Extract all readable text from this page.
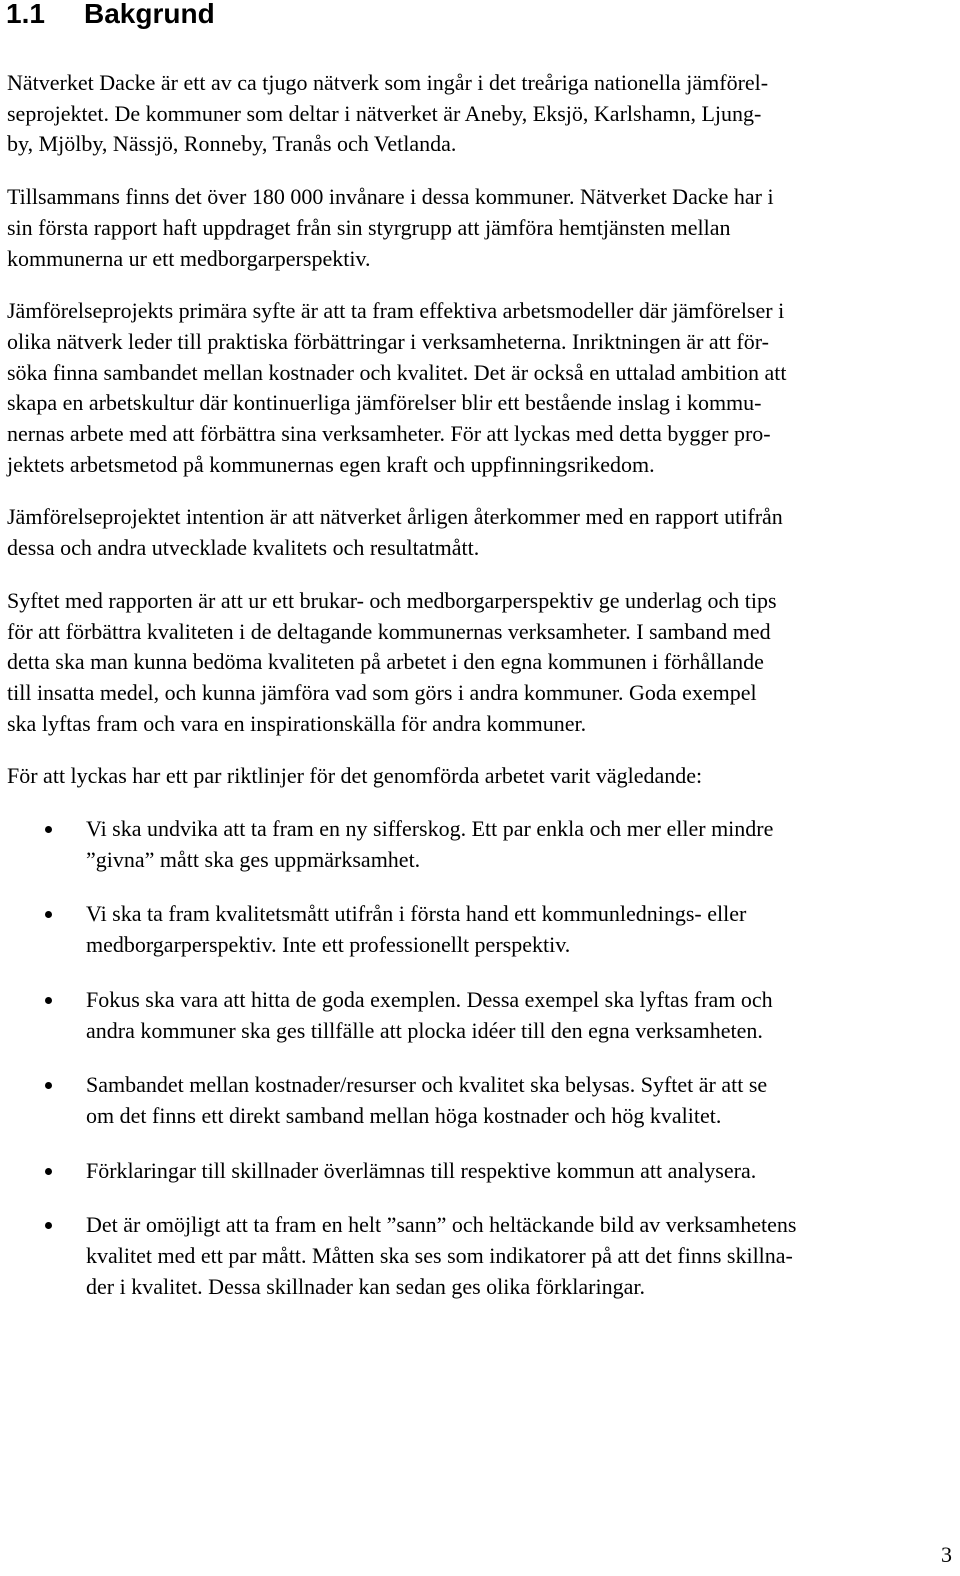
1.1 Bakgrund

Nätverket Dacke är ett av ca tjugo nätverk som ingår i det treåriga nationella jämförel-
seprojektet. De kommuner som deltar i nätverket är Aneby, Eksjö, Karlshamn, Ljung-
by, Mjölby, Nässjö, Ronneby, Tranås och Vetlanda.

Tillsammans finns det över 180 000 invånare i dessa kommuner. Nätverket Dacke har i
sin första rapport haft uppdraget från sin styrgrupp att jämföra hemtjänsten mellan
kommunerna ur ett medborgarperspektiv.

Jämförelseprojekts primära syfte är att ta fram effektiva arbetsmodeller där jämförelser i
olika nätverk leder till praktiska förbättringar i verksamheterna. Inriktningen är att för-
söka finna sambandet mellan kostnader och kvalitet. Det är också en uttalad ambition att
skapa en arbetskultur där kontinuerliga jämförelser blir ett bestående inslag i kommu-
nernas arbete med att förbättra sina verksamheter. För att lyckas med detta bygger pro-
jektets arbetsmetod på kommunernas egen kraft och uppfinningsrikedom.

Jämförelseprojektet intention är att nätverket årligen återkommer med en rapport utifrån
dessa och andra utvecklade kvalitets och resultatmått.

Syftet med rapporten är att ur ett brukar- och medborgarperspektiv ge underlag och tips
för att förbättra kvaliteten i de deltagande kommunernas verksamheter. I samband med
detta ska man kunna bedöma kvaliteten på arbetet i den egna kommunen i förhållande
till insatta medel, och kunna jämföra vad som görs i andra kommuner. Goda exempel
ska lyftas fram och vara en inspirationskälla för andra kommuner.

För att lyckas har ett par riktlinjer för det genomförda arbetet varit vägledande:

Vi ska undvika att ta fram en ny sifferskog. Ett par enkla och mer eller mindre
”givna” mått ska ges uppmärksamhet.
Vi ska ta fram kvalitetsmått utifrån i första hand ett kommunlednings- eller
medborgarperspektiv. Inte ett professionellt perspektiv.
Fokus ska vara att hitta de goda exemplen. Dessa exempel ska lyftas fram och
andra kommuner ska ges tillfälle att plocka idéer till den egna verksamheten.
Sambandet mellan kostnader/resurser och kvalitet ska belysas. Syftet är att se
om det finns ett direkt samband mellan höga kostnader och hög kvalitet.
Förklaringar till skillnader överlämnas till respektive kommun att analysera.
Det är omöjligt att ta fram en helt ”sann” och heltäckande bild av verksamhetens
kvalitet med ett par mått. Måtten ska ses som indikatorer på att det finns skillna-
der i kvalitet. Dessa skillnader kan sedan ges olika förklaringar.
3
